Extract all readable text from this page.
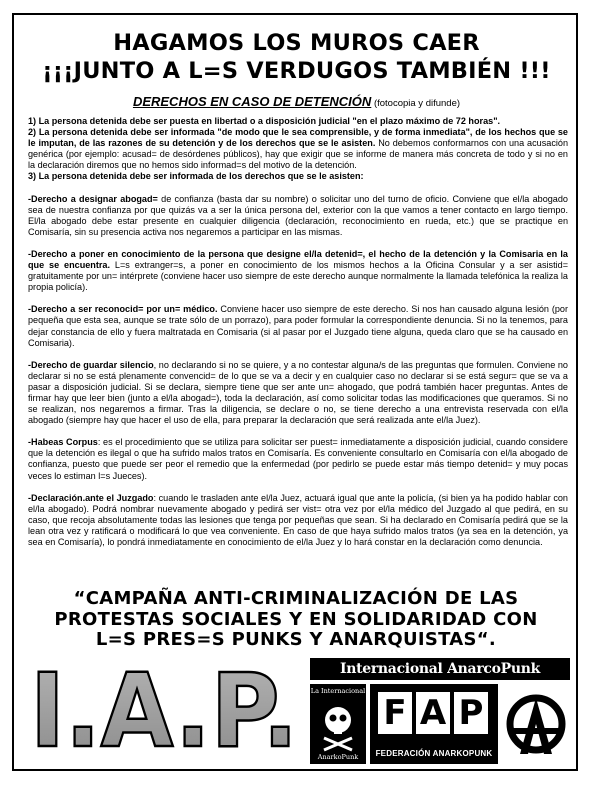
HAGAMOS LOS MUROS CAER
¡¡¡JUNTO A L=S VERDUGOS TAMBIÉN !!!
DERECHOS EN CASO DE DETENCIÓN (fotocopia y difunde)

1) La persona detenida debe ser puesta en libertad o a disposición judicial "en el plazo máximo de 72 horas".
2) La persona detenida debe ser informada "de modo que le sea comprensible, y de forma inmediata", de los hechos que se le imputan, de las razones de su detención y de los derechos que se le asisten. No debemos conformarnos con una acusación genérica (por ejemplo: acusad= de desórdenes públicos), hay que exigir que se informe de manera más concreta de todo y si no en la declaración diremos que no hemos sido informad=s del motivo de la detención.
3) La persona detenida debe ser informada de los derechos que se le asisten:

-Derecho a designar abogad= de confianza (basta dar su nombre) o solicitar uno del turno de oficio. Conviene que el/la abogado sea de nuestra confianza por que quizás va a ser la única persona del, exterior con la que vamos a tener contacto en largo tiempo. El/la abogado debe estar presente en cualquier diligencia (declaración, reconocimiento en rueda, etc.) que se practique en Comisaría, sin su presencia activa nos negaremos a participar en las mismas.

-Derecho a poner en conocimiento de la persona que designe el/la detenid=, el hecho de la detención y la Comisaria en la que se encuentra. L=s extranger=s, a poner en conocimiento de los mismos hechos a la Oficina Consular y a ser asistid= gratuitamente por un= intérprete (conviene hacer uso siempre de este derecho aunque normalmente la llamada telefónica la realiza la propia policía).

-Derecho a ser reconocid= por un= médico. Conviene hacer uso siempre de este derecho. Si nos han causado alguna lesión (por pequeña que esta sea, aunque se trate sólo de un porrazo), para poder formular la correspondiente denuncia. Si no la tenemos, para dejar constancia de ello y fuera maltratada en Comisaria (si al pasar por el Juzgado tiene alguna, queda claro que se ha causado en Comisaria).

-Derecho de guardar silencio, no declarando si no se quiere, y a no contestar alguna/s de las preguntas que formulen. Conviene no declarar si no se está plenamente convencid= de lo que se va a decir y en cualquier caso no declarar si se está segur= que se va a pasar a disposición judicial. Si se declara, siempre tiene que ser ante un= ahogado, que podrá también hacer preguntas. Antes de firmar hay que leer bien (junto a el/la abogad=), toda la declaración, así como solicitar todas las modificaciones que queramos. Si no se realizan, nos negaremos a firmar. Tras la diligencia, se declare o no, se tiene derecho a una entrevista reservada con el/la abogado (siempre hay que hacer el uso de ella, para preparar la declaración que será realizada ante el/la Juez).

-Habeas Corpus: es el procedimiento que se utiliza para solicitar ser puest= inmediatamente a disposición judicial, cuando considere que la detención es ilegal o que ha sufrido malos tratos en Comisaría. Es conveniente consultarlo en Comisaría con el/la abogado de confianza, puesto que puede ser peor el remedio que la enfermedad (por pedirlo se puede estar más tiempo detenid= y muy pocas veces lo estiman l=s Jueces).

-Declaración.ante el Juzgado: cuando le trasladen ante el/la Juez, actuará igual que ante la policía, (si bien ya ha podido hablar con el/la abogado). Podrá nombrar nuevamente abogado y pedirá ser vist= otra vez por el/la médico del Juzgado al que pedirá, en su caso, que recoja absolutamente todas las lesiones que tenga por pequeñas que sean. Si ha declarado en Comisaría pedirá que se la lean otra vez y ratificará o modificará lo que vea conveniente. En caso de que haya sufrido malos tratos (ya sea en la detención, ya sea en Comisaría), lo pondrá inmediatamente en conocimiento de el/la Juez y lo hará constar en la declaración como denuncia.

“CAMPAÑA ANTI-CRIMINALIZACIÓN DE LAS
PROTESTAS SOCIALES Y EN SOLIDARIDAD CON
L=S PRES=S PUNKS Y ANARQUISTAS“.
I.A.P.	Internacional AnarcoPunk
La Internacional
AnarkoPunk
F A P
FEDERACIÓN ANARKOPUNK
